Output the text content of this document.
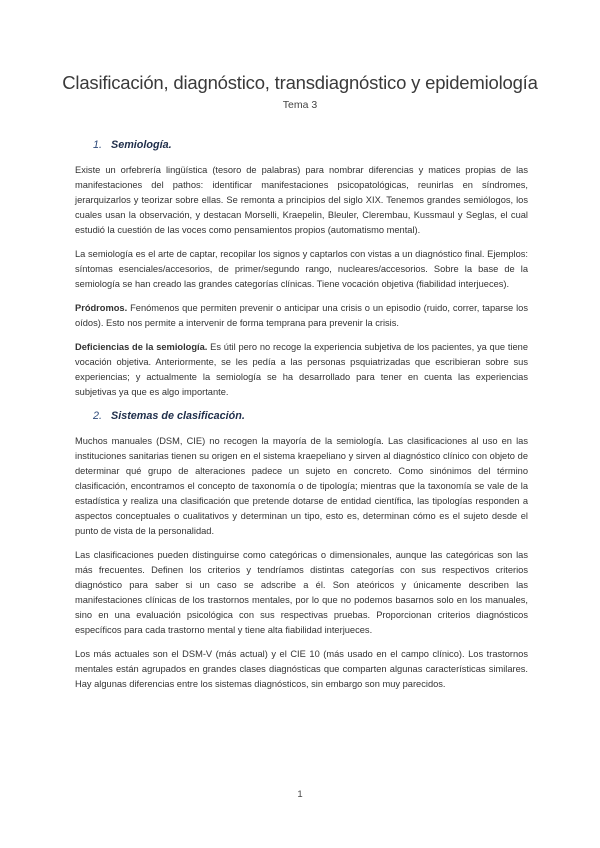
Clasificación, diagnóstico, transdiagnóstico y epidemiología
Tema 3
1. Semiología.

Existe un orfebrería lingüística (tesoro de palabras) para nombrar diferencias y matices propias de las manifestaciones del pathos: identificar manifestaciones psicopatológicas, reunirlas en síndromes, jerarquizarlos y teorizar sobre ellas. Se remonta a principios del siglo XIX. Tenemos grandes semiólogos, los cuales usan la observación, y destacan Morselli, Kraepelin, Bleuler, Clerembau, Kussmaul y Seglas, el cual estudió la cuestión de las voces como pensamientos propios (automatismo mental).

La semiología es el arte de captar, recopilar los signos y captarlos con vistas a un diagnóstico final. Ejemplos: síntomas esenciales/accesorios, de primer/segundo rango, nucleares/accesorios. Sobre la base de la semiología se han creado las grandes categorías clínicas. Tiene vocación objetiva (fiabilidad interjueces).

Pródromos. Fenómenos que permiten prevenir o anticipar una crisis o un episodio (ruido, correr, taparse los oídos). Esto nos permite a intervenir de forma temprana para prevenir la crisis.

Deficiencias de la semiología. Es útil pero no recoge la experiencia subjetiva de los pacientes, ya que tiene vocación objetiva. Anteriormente, se les pedía a las personas psquiatrizadas que escribieran sobre sus experiencias; y actualmente la semiología se ha desarrollado para tener en cuenta las experiencias subjetivas ya que es algo importante.

2. Sistemas de clasificación.

Muchos manuales (DSM, CIE) no recogen la mayoría de la semiología. Las clasificaciones al uso en las instituciones sanitarias tienen su origen en el sistema kraepeliano y sirven al diagnóstico clínico con objeto de determinar qué grupo de alteraciones padece un sujeto en concreto. Como sinónimos del término clasificación, encontramos el concepto de taxonomía o de tipología; mientras que la taxonomía se vale de la estadística y realiza una clasificación que pretende dotarse de entidad científica, las tipologías responden a aspectos conceptuales o cualitativos y determinan un tipo, esto es, determinan cómo es el sujeto desde el punto de vista de la personalidad.

Las clasificaciones pueden distinguirse como categóricas o dimensionales, aunque las categóricas son las más frecuentes. Definen los criterios y tendríamos distintas categorías con sus respectivos criterios diagnóstico para saber si un caso se adscribe a él. Son ateóricos y únicamente describen las manifestaciones clínicas de los trastornos mentales, por lo que no podemos basarnos solo en los manuales, sino en una evaluación psicológica con sus respectivas pruebas. Proporcionan criterios diagnósticos específicos para cada trastorno mental y tiene alta fiabilidad interjueces.

Los más actuales son el DSM-V (más actual) y el CIE 10 (más usado en el campo clínico). Los trastornos mentales están agrupados en grandes clases diagnósticas que comparten algunas características similares. Hay algunas diferencias entre los sistemas diagnósticos, sin embargo son muy parecidos.

1
